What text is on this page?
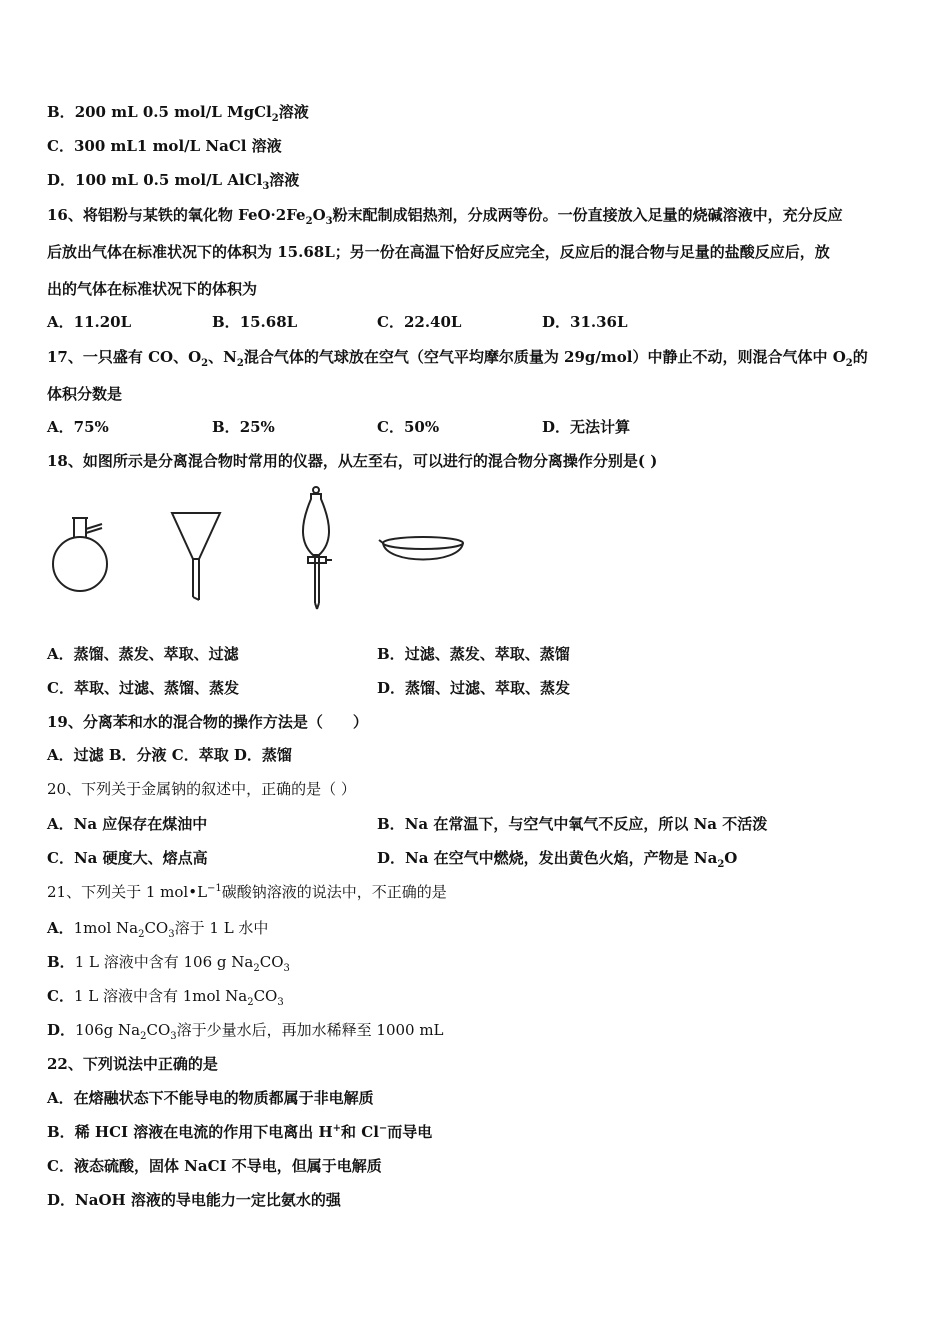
B．200 mL 0.5 mol/L MgCl$_2$溶液
C．300 mL1 mol/L NaCl 溶液
D．100 mL 0.5 mol/L AlCl$_3$溶液
16、将铝粉与某铁的氧化物 $FeO\cdot 2Fe_2O_3$粉末配制成铝热剂，分成两等份。一份直接放入足量的烧碱溶液中，充分反应
后放出气体在标准状况下的体积为 15.68L；另一份在高温下恰好反应完全，反应后的混合物与足量的盐酸反应后，放
出的气体在标准状况下的体积为
A．11.20L	B．15.68L	C．22.40L	D．31.36L
17、一只盛有 CO、$O_2$、$N_2$混合气体的气球放在空气（空气平均摩尔质量为 29g/mol）中静止不动，则混合气体中 $O_2$的
体积分数是
A．75%	B．25%	C．50%	D．无法计算
18、如图所示是分离混合物时常用的仪器，从左至右，可以进行的混合物分离操作分别是( )
A．蒸馏、蒸发、萃取、过滤	B．过滤、蒸发、萃取、蒸馏
C．萃取、过滤、蒸馏、蒸发	D．蒸馏、过滤、萃取、蒸发
19、分离苯和水的混合物的操作方法是（　　）
A．过滤 B．分液 C．萃取 D．蒸馏
20、下列关于金属钠的叙述中，正确的是（ ）
A．Na 应保存在煤油中	B．Na 在常温下，与空气中氧气不反应，所以 Na 不活泼
C．Na 硬度大、熔点高	D．Na 在空气中燃烧，发出黄色火焰，产物是 $Na_2O$
21、下列关于 1 $mol•L^{-1}$碳酸钠溶液的说法中，不正确的是
A．1mol $Na_2CO_3$溶于 1 L 水中
B．1 L 溶液中含有 106 g $Na_2CO_3$
C．1 L 溶液中含有 1mol $Na_2CO_3$
D．106g $Na_2CO_3$溶于少量水后，再加水稀释至 1000 mL
22、下列说法中正确的是
A．在熔融状态下不能导电的物质都属于非电解质
B．稀 HCI 溶液在电流的作用下电离出 H+和 Cl−而导电
C．液态硫酸，固体 NaCI 不导电，但属于电解质
D．NaOH 溶液的导电能力一定比氨水的强
